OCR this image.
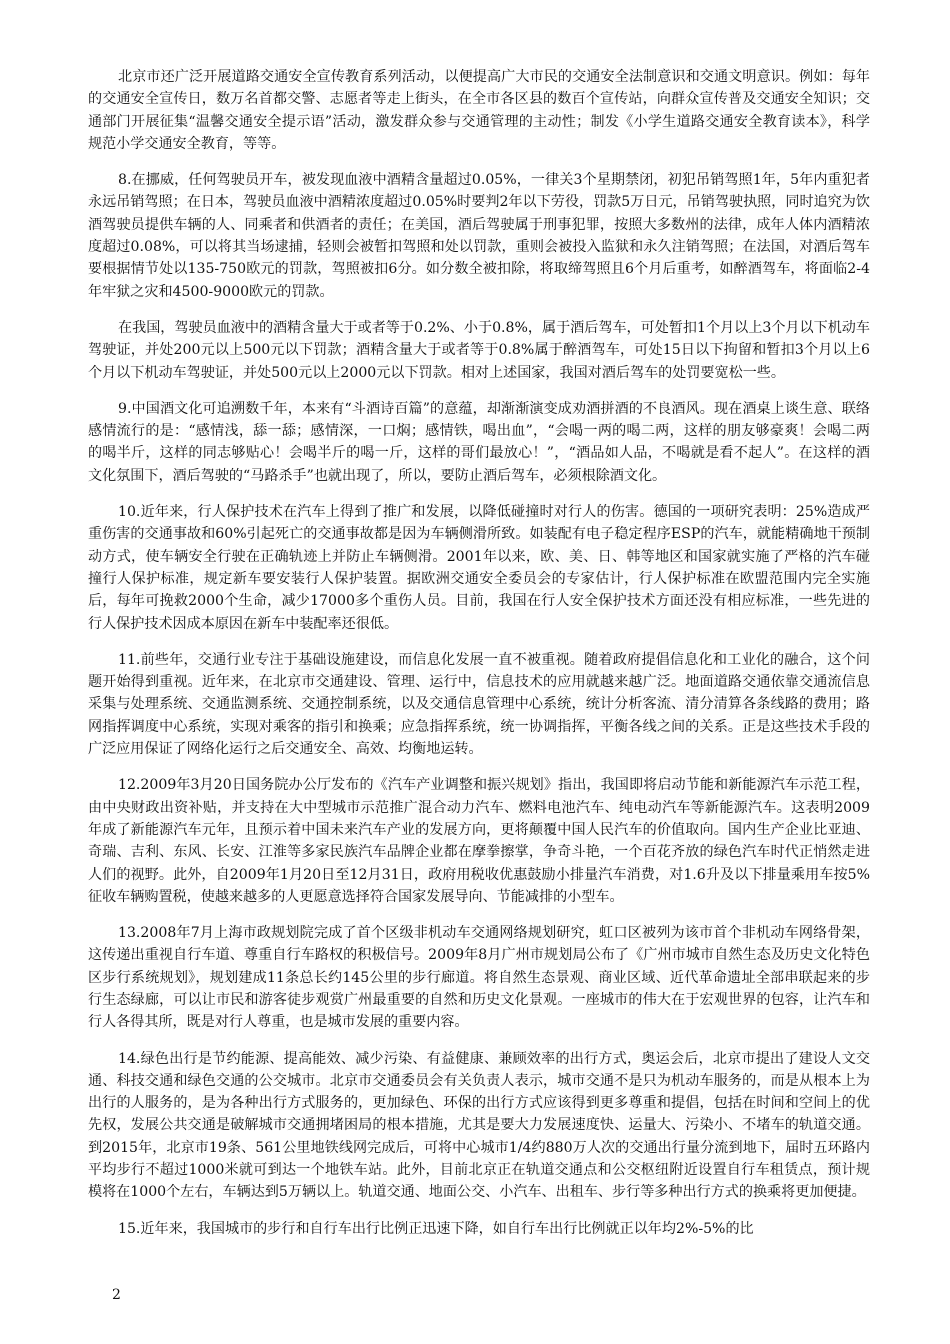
北京市还广泛开展道路交通安全宣传教育系列活动，以便提高广大市民的交通安全法制意识和交通文明意识。例如：每年的交通安全宣传日，数万名首都交警、志愿者等走上街头，在全市各区县的数百个宣传站，向群众宣传普及交通安全知识；交通部门开展征集“温馨交通安全提示语”活动，激发群众参与交通管理的主动性；制发《小学生道路交通安全教育读本》，科学规范小学交通安全教育，等等。

8.在挪威，任何驾驶员开车，被发现血液中酒精含量超过0.05%，一律关3个星期禁闭，初犯吊销驾照1年，5年内重犯者永远吊销驾照；在日本，驾驶员血液中酒精浓度超过0.05%时要判2年以下劳役，罚款5万日元，吊销驾驶执照，同时追究为饮酒驾驶员提供车辆的人、同乘者和供酒者的责任；在美国，酒后驾驶属于刑事犯罪，按照大多数州的法律，成年人体内酒精浓度超过0.08%，可以将其当场逮捕，轻则会被暂扣驾照和处以罚款，重则会被投入监狱和永久注销驾照；在法国，对酒后驾车要根据情节处以135-750欧元的罚款，驾照被扣6分。如分数全被扣除，将取缔驾照且6个月后重考，如醉酒驾车，将面临2-4年牢狱之灾和4500-9000欧元的罚款。

在我国，驾驶员血液中的酒精含量大于或者等于0.2%、小于0.8%，属于酒后驾车，可处暂扣1个月以上3个月以下机动车驾驶证，并处200元以上500元以下罚款；酒精含量大于或者等于0.8%属于醉酒驾车，可处15日以下拘留和暂扣3个月以上6个月以下机动车驾驶证，并处500元以上2000元以下罚款。相对上述国家，我国对酒后驾车的处罚要宽松一些。

9.中国酒文化可追溯数千年，本来有“斗酒诗百篇”的意蕴，却渐渐演变成劝酒拼酒的不良酒风。现在酒桌上谈生意、联络感情流行的是：“感情浅，舔一舔；感情深，一口焖；感情铁，喝出血”，“会喝一两的喝二两，这样的朋友够豪爽！会喝二两的喝半斤，这样的同志够贴心！会喝半斤的喝一斤，这样的哥们最放心！”，“酒品如人品，不喝就是看不起人”。在这样的酒文化氛围下，酒后驾驶的“马路杀手”也就出现了，所以，要防止酒后驾车，必须根除酒文化。

10.近年来，行人保护技术在汽车上得到了推广和发展，以降低碰撞时对行人的伤害。德国的一项研究表明：25%造成严重伤害的交通事故和60%引起死亡的交通事故都是因为车辆侧滑所致。如装配有电子稳定程序ESP的汽车，就能精确地干预制动方式，使车辆安全行驶在正确轨迹上并防止车辆侧滑。2001年以来，欧、美、日、韩等地区和国家就实施了严格的汽车碰撞行人保护标准，规定新车要安装行人保护装置。据欧洲交通安全委员会的专家估计，行人保护标准在欧盟范围内完全实施后，每年可挽救2000个生命，减少17000多个重伤人员。目前，我国在行人安全保护技术方面还没有相应标准，一些先进的行人保护技术因成本原因在新车中装配率还很低。

11.前些年，交通行业专注于基础设施建设，而信息化发展一直不被重视。随着政府提倡信息化和工业化的融合，这个问题开始得到重视。近年来，在北京市交通建设、管理、运行中，信息技术的应用就越来越广泛。地面道路交通依靠交通流信息采集与处理系统、交通监测系统、交通控制系统，以及交通信息管理中心系统，统计分析客流、清分清算各条线路的费用；路网指挥调度中心系统，实现对乘客的指引和换乘；应急指挥系统，统一协调指挥，平衡各线之间的关系。正是这些技术手段的广泛应用保证了网络化运行之后交通安全、高效、均衡地运转。

12.2009年3月20日国务院办公厅发布的《汽车产业调整和振兴规划》指出，我国即将启动节能和新能源汽车示范工程，由中央财政出资补贴，并支持在大中型城市示范推广混合动力汽车、燃料电池汽车、纯电动汽车等新能源汽车。这表明2009年成了新能源汽车元年，且预示着中国未来汽车产业的发展方向，更将颠覆中国人民汽车的价值取向。国内生产企业比亚迪、奇瑞、吉利、东风、长安、江淮等多家民族汽车品牌企业都在摩拳擦掌，争奇斗艳，一个百花齐放的绿色汽车时代正悄然走进人们的视野。此外，自2009年1月20日至12月31日，政府用税收优惠鼓励小排量汽车消费，对1.6升及以下排量乘用车按5%征收车辆购置税，使越来越多的人更愿意选择符合国家发展导向、节能减排的小型车。

13.2008年7月上海市政规划院完成了首个区级非机动车交通网络规划研究，虹口区被列为该市首个非机动车网络骨架，这传递出重视自行车道、尊重自行车路权的积极信号。2009年8月广州市规划局公布了《广州市城市自然生态及历史文化特色区步行系统规划》，规划建成11条总长约145公里的步行廊道。将自然生态景观、商业区域、近代革命遗址全部串联起来的步行生态绿廊，可以让市民和游客徒步观赏广州最重要的自然和历史文化景观。一座城市的伟大在于宏观世界的包容，让汽车和行人各得其所，既是对行人尊重，也是城市发展的重要内容。

14.绿色出行是节约能源、提高能效、减少污染、有益健康、兼顾效率的出行方式，奥运会后，北京市提出了建设人文交通、科技交通和绿色交通的公交城市。北京市交通委员会有关负责人表示，城市交通不是只为机动车服务的，而是从根本上为出行的人服务的，是为各种出行方式服务的，更加绿色、环保的出行方式应该得到更多尊重和提倡，包括在时间和空间上的优先权，发展公共交通是破解城市交通拥堵困局的根本措施，尤其是要大力发展速度快、运量大、污染小、不堵车的轨道交通。到2015年，北京市19条、561公里地铁线网完成后，可将中心城市1/4约880万人次的交通出行量分流到地下，届时五环路内平均步行不超过1000米就可到达一个地铁车站。此外，目前北京正在轨道交通点和公交枢纽附近设置自行车租赁点，预计规模将在1000个左右，车辆达到5万辆以上。轨道交通、地面公交、小汽车、出租车、步行等多种出行方式的换乘将更加便捷。

15.近年来，我国城市的步行和自行车出行比例正迅速下降，如自行车出行比例就正以年均2%-5%的比

2
